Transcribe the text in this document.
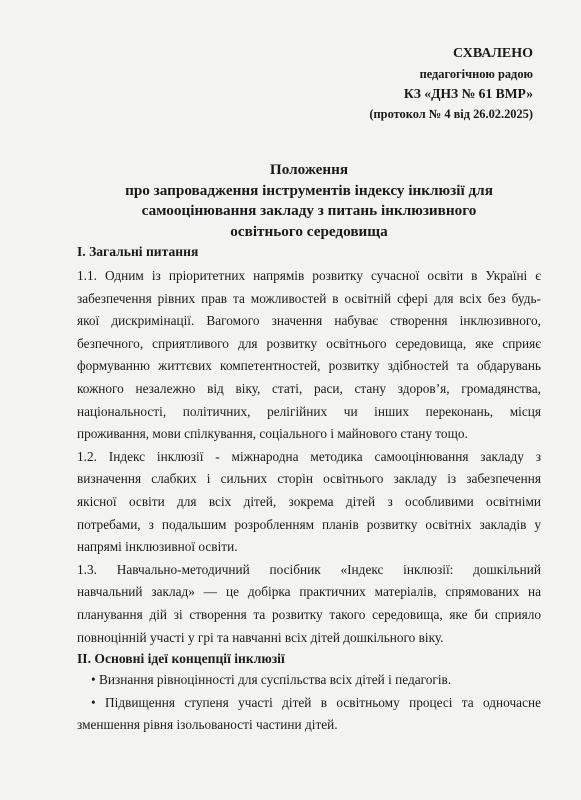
СХВАЛЕНО
педагогічною радою
КЗ «ДНЗ № 61 ВМР»
(протокол № 4 від 26.02.2025)
Положення
про запровадження інструментів індексу інклюзії для
самооцінювання закладу з питань інклюзивного
освітнього середовища
I. Загальні питання
1.1. Одним із пріоритетних напрямів розвитку сучасної освіти в Україні є
забезпечення рівних прав та можливостей в освітній сфері для всіх без будь-
якої дискримінації. Вагомого значення набуває створення інклюзивного,
безпечного, сприятливого для розвитку освітнього середовища, яке сприяє
формуванню життєвих компетентностей, розвитку здібностей та обдарувань
кожного незалежно від віку, статі, раси, стану здоров’я, громадянства,
національності, політичних, релігійних чи інших переконань, місця
проживання, мови спілкування, соціального і майнового стану тощо.
1.2. Індекс інклюзії - міжнародна методика самооцінювання закладу з
визначення слабких і сильних сторін освітнього закладу із забезпечення
якісної освіти для всіх дітей, зокрема дітей з особливими освітніми
потребами, з подальшим розробленням планів розвитку освітніх закладів у
напрямі інклюзивної освіти.
1.3. Навчально-методичний посібник «Індекс інклюзії: дошкільний
навчальний заклад» — це добірка практичних матеріалів, спрямованих на
планування дій зі створення та розвитку такого середовища, яке би сприяло
повноцінній участі у грі та навчанні всіх дітей дошкільного віку.
II. Основні ідеї концепції інклюзії
• Визнання рівноцінності для суспільства всіх дітей і педагогів.
• Підвищення ступеня участі дітей в освітньому процесі та одночасне
зменшення рівня ізольованості частини дітей.
